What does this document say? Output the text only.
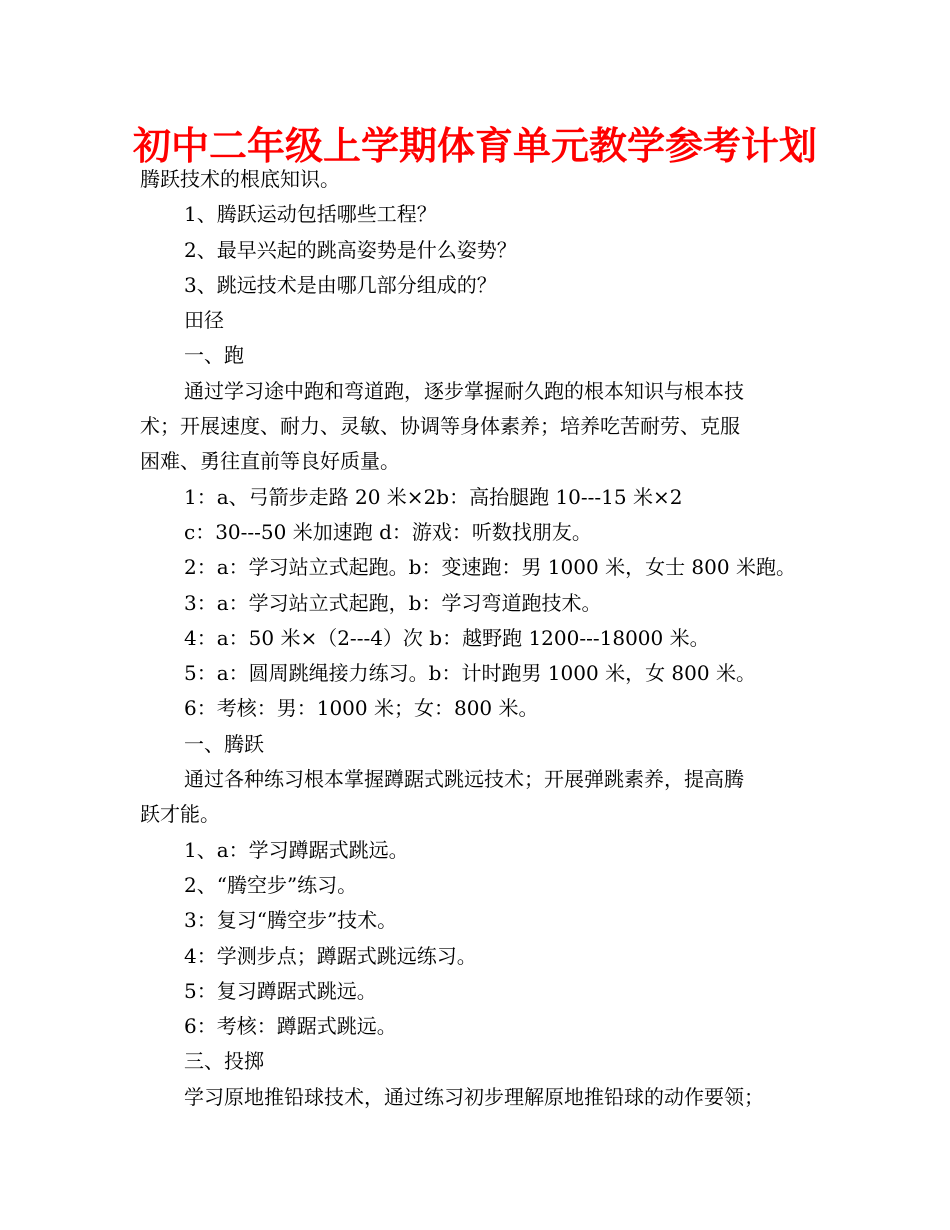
初中二年级上学期体育单元教学参考计划
腾跃技术的根底知识。
1、腾跃运动包括哪些工程？
2、最早兴起的跳高姿势是什么姿势？
3、跳远技术是由哪几部分组成的？
田径
一、跑
通过学习途中跑和弯道跑，逐步掌握耐久跑的根本知识与根本技
术；开展速度、耐力、灵敏、协调等身体素养；培养吃苦耐劳、克服
困难、勇往直前等良好质量。
1：a、弓箭步走路 20 米×2b：高抬腿跑 10---15 米×2
c：30---50 米加速跑 d：游戏：听数找朋友。
2：a：学习站立式起跑。b：变速跑：男 1000 米，女士 800 米跑。
3：a：学习站立式起跑，b：学习弯道跑技术。
4：a：50 米×（2---4）次 b：越野跑 1200---18000 米。
5：a：圆周跳绳接力练习。b：计时跑男 1000 米，女 800 米。
6：考核：男：1000 米；女：800 米。
一、腾跃
通过各种练习根本掌握蹲踞式跳远技术；开展弹跳素养，提高腾
跃才能。
1、a：学习蹲踞式跳远。
2、“腾空步”练习。
3：复习“腾空步”技术。
4：学测步点；蹲踞式跳远练习。
5：复习蹲踞式跳远。
6：考核：蹲踞式跳远。
三、投掷
学习原地推铅球技术，通过练习初步理解原地推铅球的动作要领；
